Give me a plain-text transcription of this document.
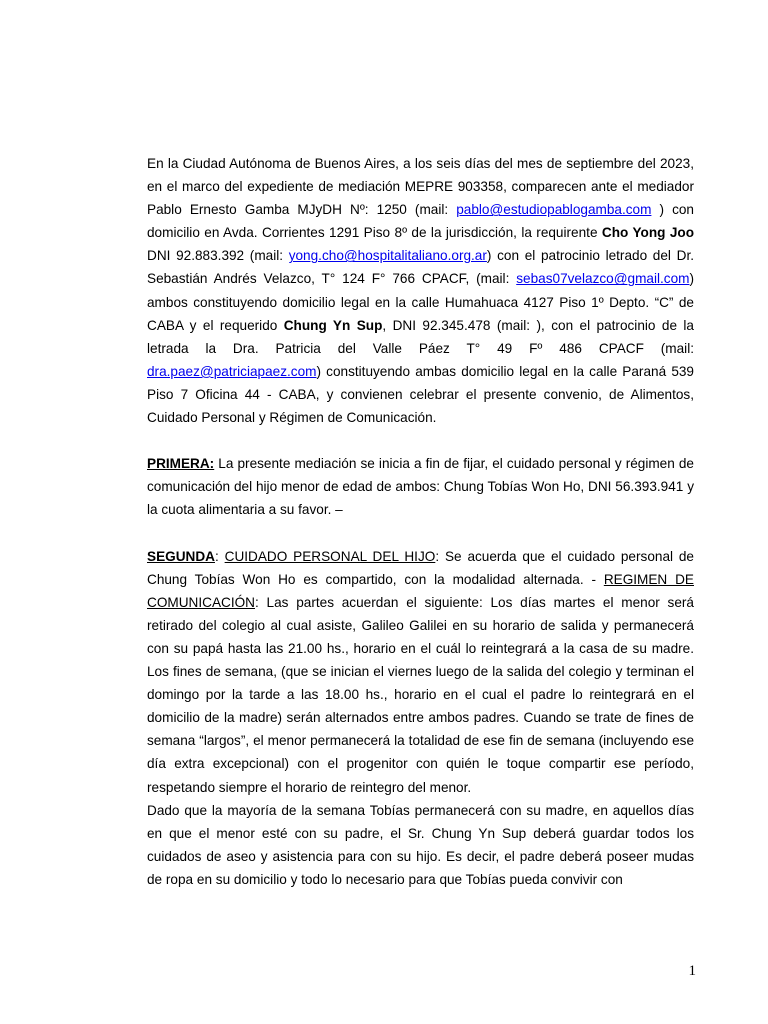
En la Ciudad Autónoma de Buenos Aires, a los seis días del mes de septiembre del 2023, en el marco del expediente de mediación MEPRE 903358, comparecen ante el mediador Pablo Ernesto Gamba MJyDH Nº: 1250 (mail: pablo@estudiopablogamba.com ) con domicilio en Avda. Corrientes 1291 Piso 8º de la jurisdicción, la requirente Cho Yong Joo DNI 92.883.392 (mail: yong.cho@hospitalitaliano.org.ar) con el patrocinio letrado del Dr. Sebastián Andrés Velazco, T° 124 F° 766 CPACF, (mail: sebas07velazco@gmail.com) ambos constituyendo domicilio legal en la calle Humahuaca 4127 Piso 1º Depto. “C” de CABA y el requerido Chung Yn Sup, DNI 92.345.478 (mail: ), con el patrocinio de la letrada la Dra. Patricia del Valle Páez T° 49 Fº 486 CPACF (mail: dra.paez@patriciapaez.com) constituyendo ambas domicilio legal en la calle Paraná 539 Piso 7 Oficina 44 - CABA, y convienen celebrar el presente convenio, de Alimentos, Cuidado Personal y Régimen de Comunicación.

PRIMERA: La presente mediación se inicia a fin de fijar, el cuidado personal y régimen de comunicación del hijo menor de edad de ambos: Chung Tobías Won Ho, DNI 56.393.941 y la cuota alimentaria a su favor. –

SEGUNDA: CUIDADO PERSONAL DEL HIJO: Se acuerda que el cuidado personal de Chung Tobías Won Ho es compartido, con la modalidad alternada. - REGIMEN DE COMUNICACIÓN: Las partes acuerdan el siguiente: Los días martes el menor será retirado del colegio al cual asiste, Galileo Galilei en su horario de salida y permanecerá con su papá hasta las 21.00 hs., horario en el cuál lo reintegrará a la casa de su madre. Los fines de semana, (que se inician el viernes luego de la salida del colegio y terminan el domingo por la tarde a las 18.00 hs., horario en el cual el padre lo reintegrará en el domicilio de la madre) serán alternados entre ambos padres. Cuando se trate de fines de semana “largos”, el menor permanecerá la totalidad de ese fin de semana (incluyendo ese día extra excepcional) con el progenitor con quién le toque compartir ese período, respetando siempre el horario de reintegro del menor.

Dado que la mayoría de la semana Tobías permanecerá con su madre, en aquellos días en que el menor esté con su padre, el Sr. Chung Yn Sup deberá guardar todos los cuidados de aseo y asistencia para con su hijo. Es decir, el padre deberá poseer mudas de ropa en su domicilio y todo lo necesario para que Tobías pueda convivir con

1
